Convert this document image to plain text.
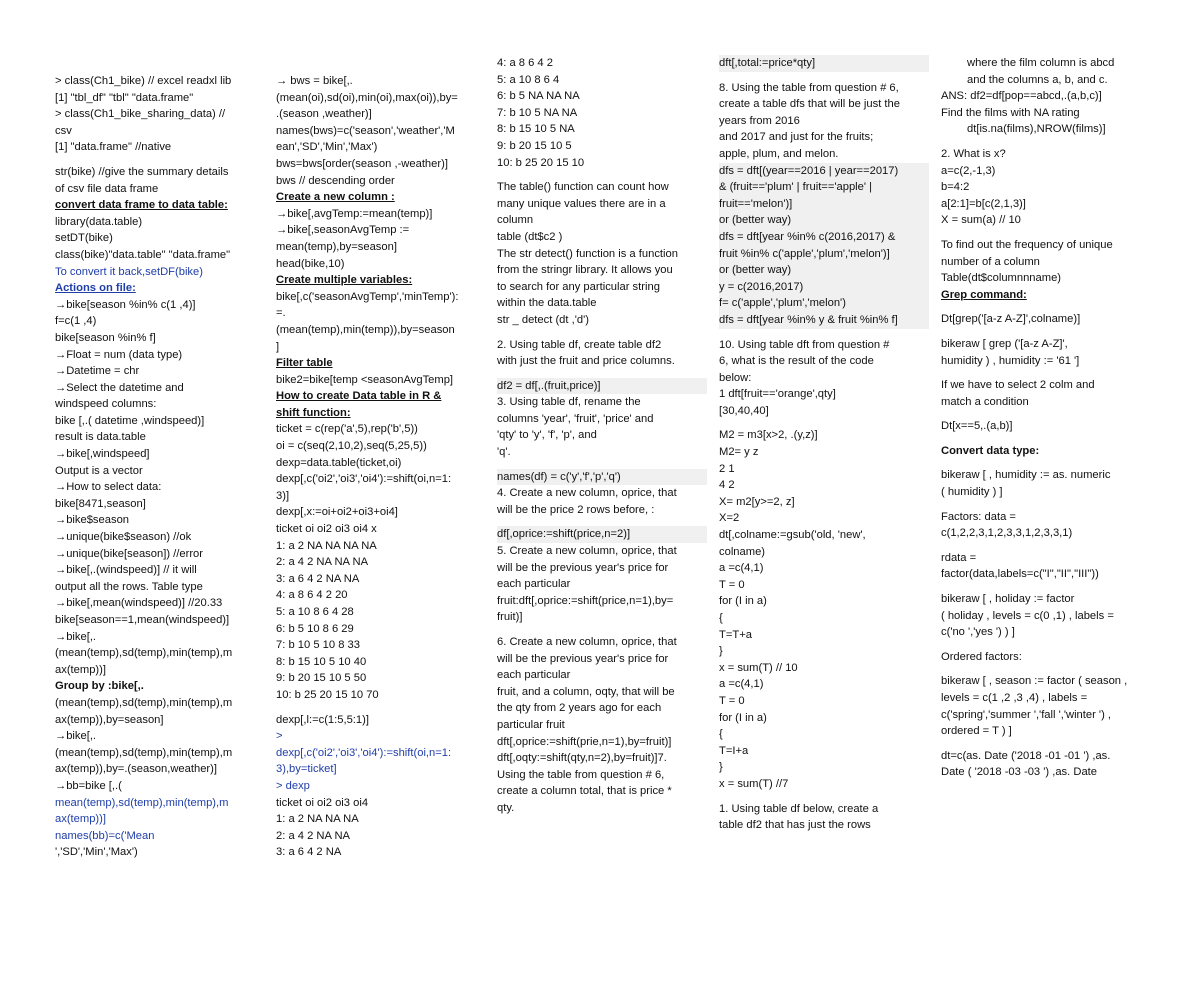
> class(Ch1_bike) // excel readxl lib
[1] "tbl_df" "tbl" "data.frame"
> class(Ch1_bike_sharing_data) //
csv
[1] "data.frame" //native
str(bike) //give the summary details
of csv file data frame
convert data frame to data table:
library(data.table)
setDT(bike)
class(bike)"data.table" "data.frame"
To convert it back,setDF(bike)
Actions on file:
→bike[season %in% c(1 ,4)]
f=c(1 ,4)
bike[season %in% f]
→Float = num (data type)
→Datetime = chr
→Select the datetime and
windspeed columns:
bike [,.( datetime ,windspeed)]
result is data.table
→bike[,windspeed]
Output is a vector
→How to select data:
bike[8471,season]
→bike$season
→unique(bike$season) //ok
→unique(bike[season]) //error
→bike[,.(windspeed)] // it will
output all the rows. Table type
→bike[,mean(windspeed)] //20.33
bike[season==1,mean(windspeed)]
→bike[,.
(mean(temp),sd(temp),min(temp),m
ax(temp))]
Group by :bike[,.
(mean(temp),sd(temp),min(temp),m
ax(temp)),by=season]
→bike[,.
(mean(temp),sd(temp),min(temp),m
ax(temp)),by=.(season,weather)]
→bb=bike [,.(
mean(temp),sd(temp),min(temp),m
ax(temp))]
names(bb)=c('Mean
','SD','Min','Max')
→ bws = bike[,.
(mean(oi),sd(oi),min(oi),max(oi)),by=
.(season ,weather)]
names(bws)=c('season','weather','M
ean','SD','Min','Max')
bws=bws[order(season ,-weather)]
bws // descending order
Create a new column :
→bike[,avgTemp:=mean(temp)]
→bike[,seasonAvgTemp :=
mean(temp),by=season]
head(bike,10)
Create multiple variables:
bike[,c('seasonAvgTemp','minTemp'):
=.
(mean(temp),min(temp)),by=season
]
Filter table
bike2=bike[temp <seasonAvgTemp]
How to create Data table in R &
shift function:
ticket = c(rep('a',5),rep('b',5))
oi = c(seq(2,10,2),seq(5,25,5))
dexp=data.table(ticket,oi)
dexp[,c('oi2','oi3','oi4'):=shift(oi,n=1:
3)]
dexp[,x:=oi+oi2+oi3+oi4]
ticket oi oi2 oi3 oi4 x
1: a 2 NA NA NA NA
2: a 4 2 NA NA NA
3: a 6 4 2 NA NA
4: a 8 6 4 2 20
5: a 10 8 6 4 28
6: b 5 10 8 6 29
7: b 10 5 10 8 33
8: b 15 10 5 10 40
9: b 20 15 10 5 50
10: b 25 20 15 10 70
dexp[,l:=c(1:5,5:1)]
>
dexp[,c('oi2','oi3','oi4'):=shift(oi,n=1:
3),by=ticket]
> dexp
ticket oi oi2 oi3 oi4
1: a 2 NA NA NA
2: a 4 2 NA NA
3: a 6 4 2 NA
4: a 8 6 4 2
5: a 10 8 6 4
6: b 5 NA NA NA
7: b 10 5 NA NA
8: b 15 10 5 NA
9: b 20 15 10 5
10: b 25 20 15 10
The table() function can count how
many unique values there are in a
column
table (dt$c2 )
The str detect() function is a function
from the stringr library. It allows you
to search for any particular string
within the data.table
str _ detect (dt ,'d')
2. Using table df, create table df2
with just the fruit and price columns.
df2 = df[,.(fruit,price)]
3. Using table df, rename the
columns 'year', 'fruit', 'price' and
'qty' to 'y', 'f', 'p', and
'q'.
names(df) = c('y','f','p','q')
4. Create a new column, oprice, that
will be the price 2 rows before, :
df[,oprice:=shift(price,n=2)]
5. Create a new column, oprice, that
will be the previous year's price for
each particular
fruit:dft[,oprice:=shift(price,n=1),by=
fruit)]
6. Create a new column, oprice, that
will be the previous year's price for
each particular
fruit, and a column, oqty, that will be
the qty from 2 years ago for each
particular fruit
dft[,oprice:=shift(prie,n=1),by=fruit)]
dft[,oqty:=shift(qty,n=2),by=fruit)]7.
Using the table from question # 6,
create a column total, that is price *
qty.
dft[,total:=price*qty]
8. Using the table from question # 6,
create a table dfs that will be just the
years from 2016
and 2017 and just for the fruits;
apple, plum, and melon.
dfs = dft[(year==2016 | year==2017)
& (fruit=='plum' | fruit=='apple' |
fruit=='melon')]
or (better way)
dfs = dft[year %in% c(2016,2017) &
fruit %in% c('apple','plum','melon')]
or (better way)
y = c(2016,2017)
f= c('apple','plum','melon')
dfs = dft[year %in% y & fruit %in% f]
10. Using table dft from question #
6, what is the result of the code
below:
1 dft[fruit=='orange',qty]
[30,40,40]
M2 = m3[x>2, .(y,z)]
M2= y z
2 1
4 2
X= m2[y>=2, z]
X=2
dt[,colname:=gsub('old, 'new',
colname)
a =c(4,1)
T = 0
for (I in a)
{
T=T+a
}
x = sum(T) // 10
a =c(4,1)
T = 0
for (I in a)
{
T=I+a
}
x = sum(T) //7
1. Using table df below, create a
table df2 that has just the rows
where the film column is abcd
and the columns a, b, and c.
ANS: df2=df[pop==abcd,.(a,b,c)]
Find the films with NA rating
dt[is.na(films),NROW(films)]
2. What is x?
a=c(2,-1,3)
b=4:2
a[2:1]=b[c(2,1,3)]
X = sum(a) // 10
To find out the frequency of unique
number of a column
Table(dt$columnnname)
Grep command:
Dt[grep('[a-z A-Z]',colname)]
bikeraw [ grep ('[a-z A-Z]',
humidity ) , humidity := '61 ']
If we have to select 2 colm and
match a condition
Dt[x==5,.(a,b)]
Convert data type:
bikeraw [ , humidity := as. numeric
( humidity ) ]
Factors: data =
c(1,2,2,3,1,2,3,3,1,2,3,3,1)
rdata =
factor(data,labels=c("I","II","III"))
bikeraw [ , holiday := factor
( holiday , levels = c(0 ,1) , labels =
c('no ','yes ') ) ]
Ordered factors:
bikeraw [ , season := factor ( season ,
levels = c(1 ,2 ,3 ,4) , labels =
c('spring','summer ','fall ','winter ') ,
ordered = T ) ]
dt=c(as. Date ('2018 -01 -01 ') ,as.
Date ( '2018 -03 -03 ') ,as. Date
